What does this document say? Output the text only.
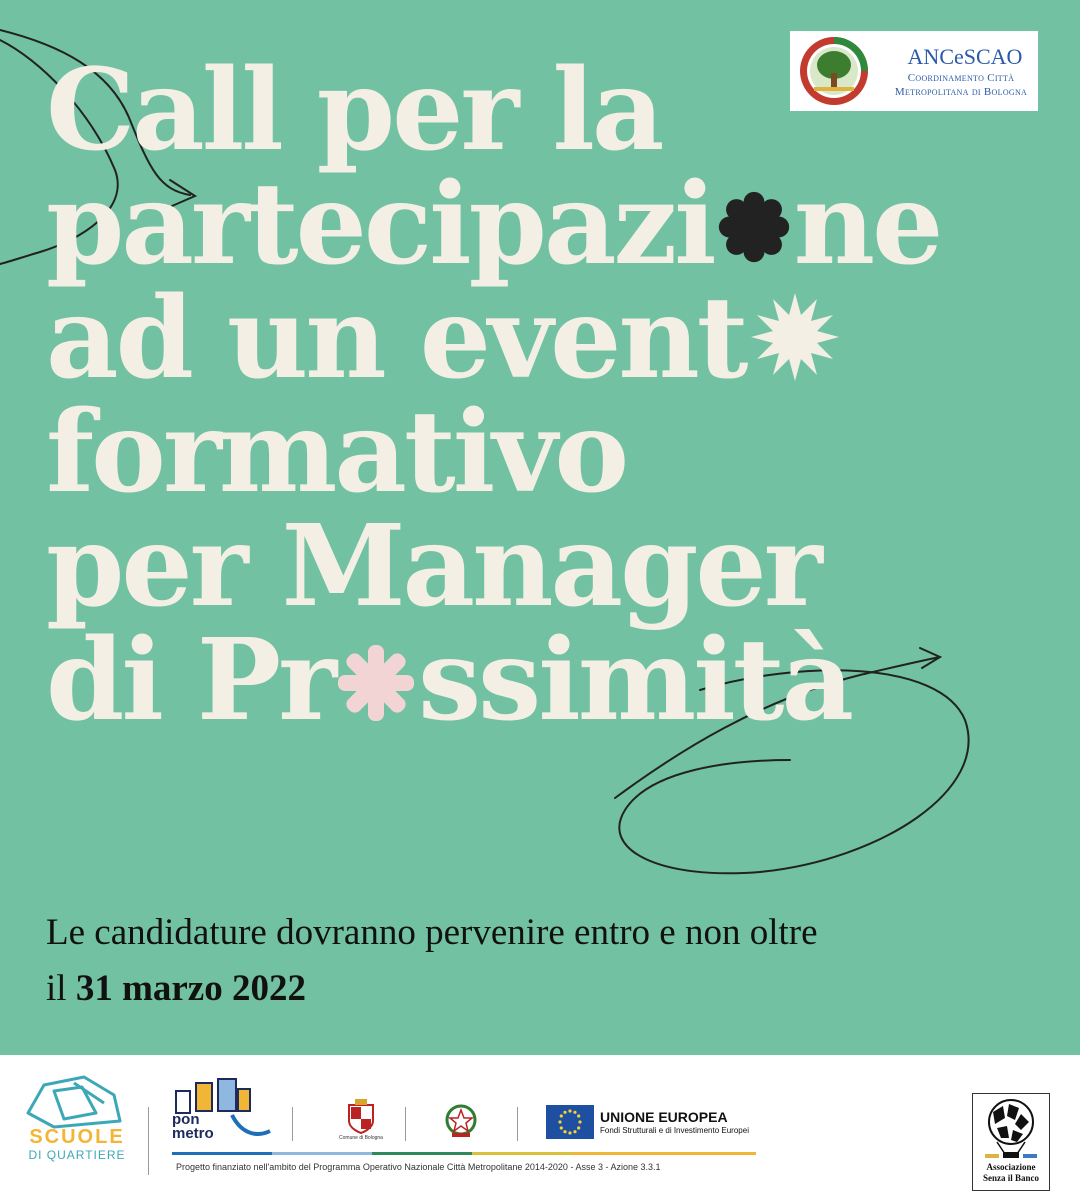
Call per la
partecipazi ne
ad un event
formativo
per Manager
di Pr ssimità

Le candidature dovranno pervenire entro e non oltre
il 31 marzo 2022

ANCeSCAO
Coordinamento Città
Metropolitana di Bologna
SCUOLE
DI QUARTIERE
pon
metro	Comune di Bologna
UNIONE EUROPEA
Fondi Strutturali e di Investimento Europei
Progetto finanziato nell'ambito del Programma Operativo Nazionale Città Metropolitane 2014-2020 - Asse 3 - Azione 3.3.1	Associazione
Senza il Banco
